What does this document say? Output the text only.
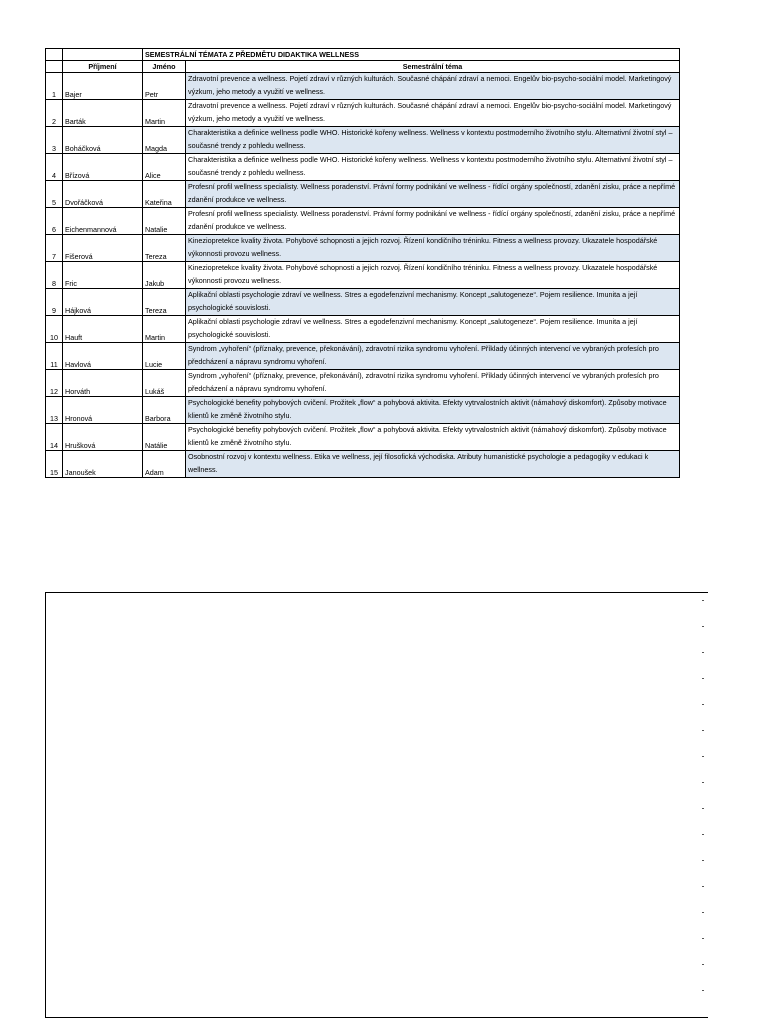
		SEMESTRÁLNÍ TÉMATA Z PŘEDMĚTU DIDAKTIKA WELLNESS	
	Příjmení	Jméno	Semestrální téma
1	Bajer	Petr	Zdravotní prevence a wellness. Pojetí zdraví v různých kulturách. Současné chápání zdraví a nemoci. Engelův bio-psycho-sociální model. Marketingový výzkum, jeho metody a využití ve wellness.
2	Barták	Martin	Zdravotní prevence a wellness. Pojetí zdraví v různých kulturách. Současné chápání zdraví a nemoci. Engelův bio-psycho-sociální model. Marketingový výzkum, jeho metody a využití ve wellness.
3	Boháčková	Magda	Charakteristika a definice wellness podle WHO. Historické kořeny wellness. Wellness v kontextu postmoderního životního stylu. Alternativní životní styl – současné trendy z pohledu wellness.
4	Břízová	Alice	Charakteristika a definice wellness podle WHO. Historické kořeny wellness. Wellness v kontextu postmoderního životního stylu. Alternativní životní styl – současné trendy z pohledu wellness.
5	Dvořáčková	Kateřina	Profesní profil wellness specialisty. Wellness poradenství. Právní formy podnikání ve wellness - řídící orgány společností, zdanění zisku, práce a nepřímé zdanění produkce ve wellness.
6	Eichenmannová	Natalie	Profesní profil wellness specialisty. Wellness poradenství. Právní formy podnikání ve wellness - řídící orgány společností, zdanění zisku, práce a nepřímé zdanění produkce ve wellness.
7	Fišerová	Tereza	Kineziopretekce kvality života. Pohybové schopnosti a jejich rozvoj. Řízení kondičního tréninku. Fitness a wellness provozy. Ukazatele hospodářské výkonnosti provozu wellness.
8	Fric	Jakub	Kineziopretekce kvality života. Pohybové schopnosti a jejich rozvoj. Řízení kondičního tréninku. Fitness a wellness provozy. Ukazatele hospodářské výkonnosti provozu wellness.
9	Hájková	Tereza	Aplikační oblasti psychologie zdraví ve wellness. Stres a egodefenzivní mechanismy. Koncept „salutogeneze“. Pojem resilience. Imunita a její psychologické souvislosti.
10	Hauft	Martin	Aplikační oblasti psychologie zdraví ve wellness. Stres a egodefenzivní mechanismy. Koncept „salutogeneze“. Pojem resilience. Imunita a její psychologické souvislosti.
11	Havlová	Lucie	Syndrom „vyhoření“ (příznaky, prevence, překonávání), zdravotní rizika syndromu vyhoření. Příklady účinných intervencí ve vybraných profesích pro předcházení a nápravu syndromu vyhoření.
12	Horváth	Lukáš	Syndrom „vyhoření“ (příznaky, prevence, překonávání), zdravotní rizika syndromu vyhoření. Příklady účinných intervencí ve vybraných profesích pro předcházení a nápravu syndromu vyhoření.
13	Hronová	Barbora	Psychologické benefity pohybových cvičení. Prožitek „flow“ a pohybová aktivita. Efekty vytrvalostních aktivit (námahový diskomfort). Způsoby motivace klientů ke změně životního stylu.
14	Hrušková	Natálie	Psychologické benefity pohybových cvičení. Prožitek „flow“ a pohybová aktivita. Efekty vytrvalostních aktivit (námahový diskomfort). Způsoby motivace klientů ke změně životního stylu.
15	Janoušek	Adam	Osobnostní rozvoj v kontextu wellness. Etika ve wellness, její filosofická východiska. Atributy humanistické psychologie a pedagogiky v edukaci k wellness.
